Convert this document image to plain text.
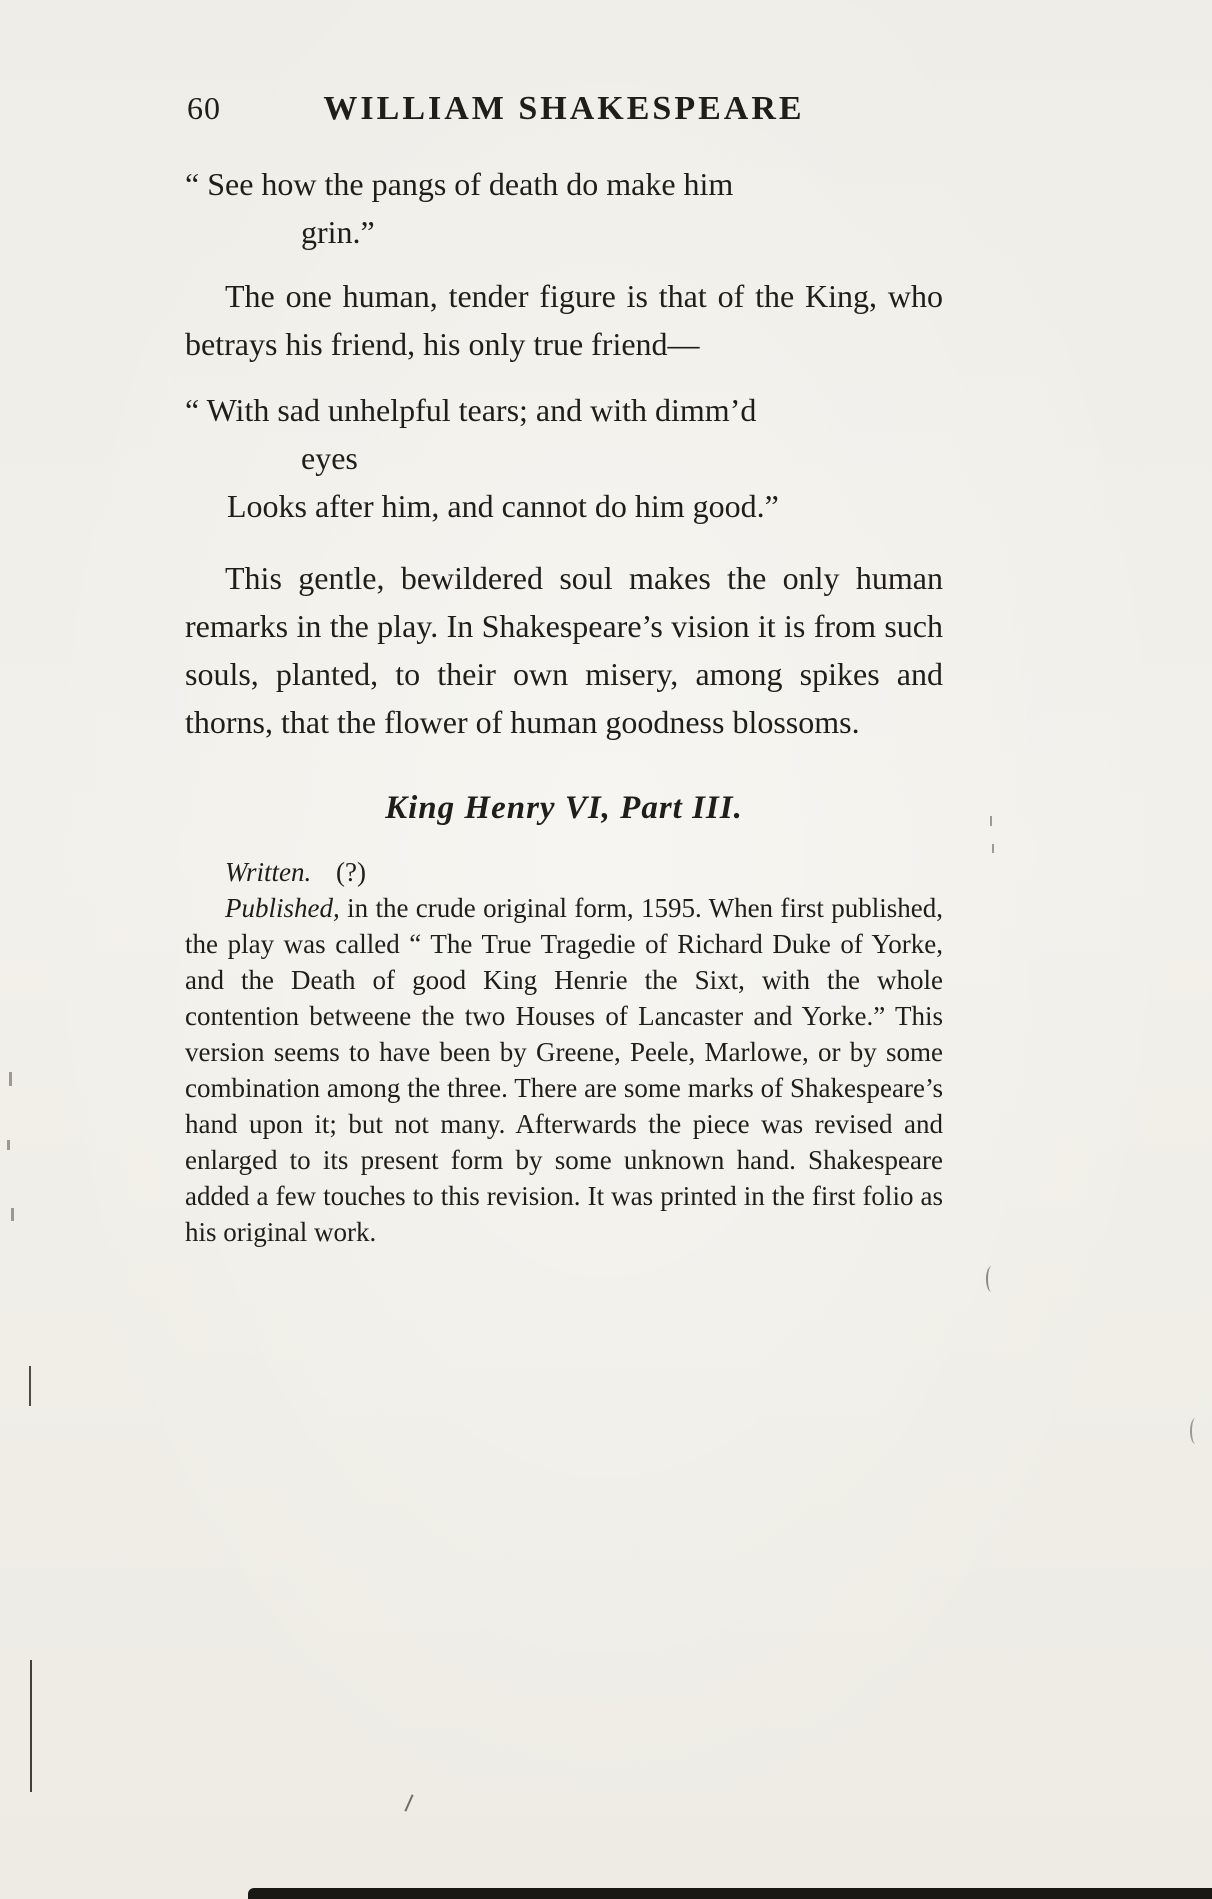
60	WILLIAM SHAKESPEARE
“ See how the pangs of death do make him
grin.”

The one human, tender figure is that of the King, who betrays his friend, his only true friend—

“ With sad unhelpful tears; and with dimm’d
eyes
Looks after him, and cannot do him good.”

This gentle, bewildered soul makes the only human remarks in the play. In Shakespeare’s vision it is from such souls, planted, to their own misery, among spikes and thorns, that the flower of human goodness blossoms.

King Henry VI, Part III.
Written. (?)

Published, in the crude original form, 1595. When first published, the play was called “ The True Tragedie of Richard Duke of Yorke, and the Death of good King Henrie the Sixt, with the whole contention betweene the two Houses of Lancaster and Yorke.” This version seems to have been by Greene, Peele, Marlowe, or by some combination among the three. There are some marks of Shakespeare’s hand upon it; but not many. Afterwards the piece was revised and enlarged to its present form by some unknown hand. Shakespeare added a few touches to this revision. It was printed in the first folio as his original work.
